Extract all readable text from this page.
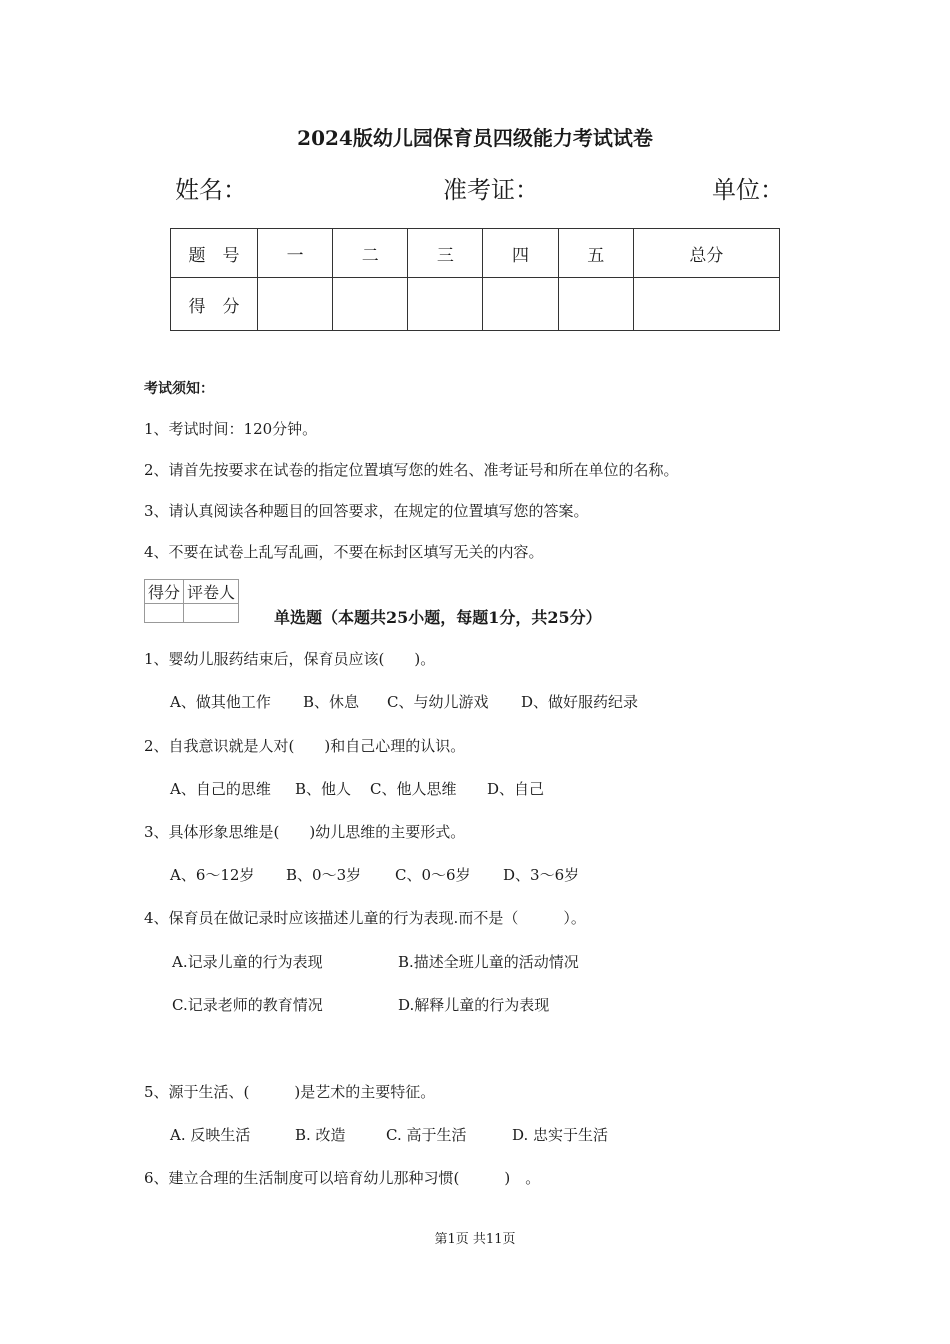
2024版幼儿园保育员四级能力考试试卷
姓名：	准考证：	单位：
题　号	一	二	三	四	五	总分
得　分						
考试须知：
1、考试时间：120分钟。
2、请首先按要求在试卷的指定位置填写您的姓名、准考证号和所在单位的名称。
3、请认真阅读各种题目的回答要求，在规定的位置填写您的答案。
4、不要在试卷上乱写乱画，不要在标封区填写无关的内容。
得分	评卷人

单选题（本题共25小题，每题1分，共25分）
1、婴幼儿服药结束后，保育员应该(　　)。
A、做其他工作 B、休息 C、与幼儿游戏 D、做好服药纪录
2、自我意识就是人对(　　)和自己心理的认识。
A、自己的思维 B、他人 C、他人思维 D、自己
3、具体形象思维是(　　)幼儿思维的主要形式。
A、6～12岁 B、0～3岁 C、0～6岁 D、3～6岁
4、保育员在做记录时应该描述儿童的行为表现.而不是（　　　）。
A.记录儿童的行为表现	B.描述全班儿童的活动情况
C.记录老师的教育情况	D.解释儿童的行为表现
5、源于生活、(　　　)是艺术的主要特征。
A. 反映生活	B. 改造	C. 高于生活	D. 忠实于生活
6、建立合理的生活制度可以培育幼儿那种习惯(　　　)　。
第1页 共11页
